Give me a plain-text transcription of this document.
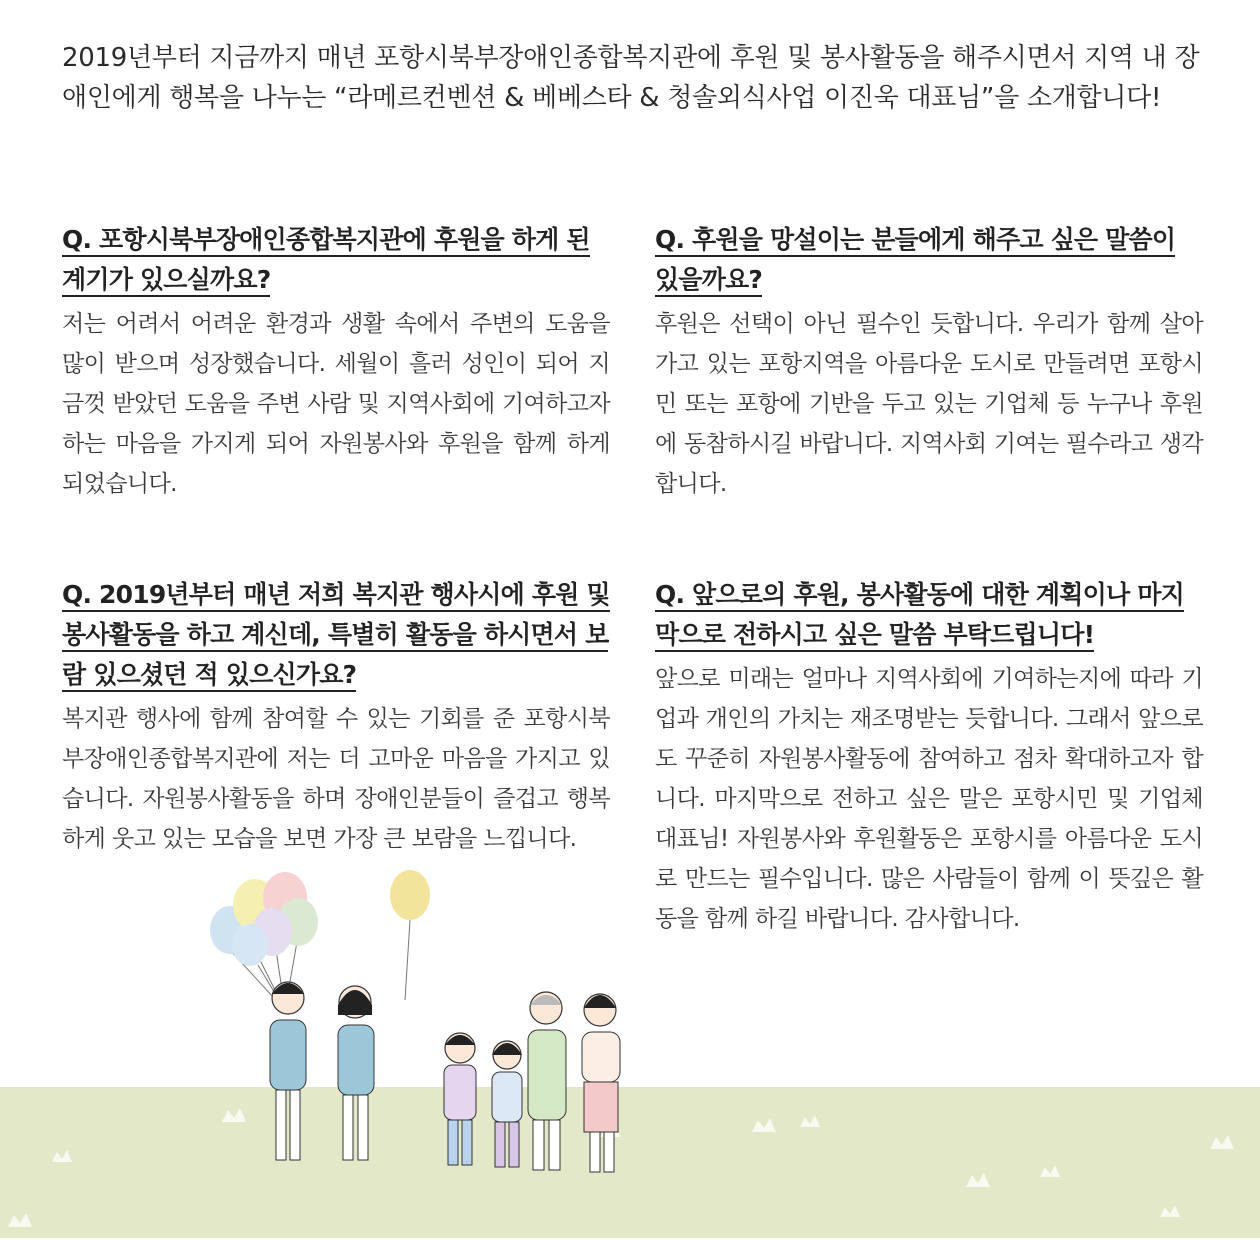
2019년부터 지금까지 매년 포항시북부장애인종합복지관에 후원 및 봉사활동을 해주시면서 지역 내 장애인에게 행복을 나누는 “라메르컨벤션 & 베베스타 & 청솔외식사업 이진욱 대표님”을 소개합니다!

Q. 포항시북부장애인종합복지관에 후원을 하게 된 계기가 있으실까요?

저는 어려서 어려운 환경과 생활 속에서 주변의 도움을 많이 받으며 성장했습니다. 세월이 흘러 성인이 되어 지금껏 받았던 도움을 주변 사람 및 지역사회에 기여하고자 하는 마음을 가지게 되어 자원봉사와 후원을 함께 하게 되었습니다.

Q. 후원을 망설이는 분들에게 해주고 싶은 말씀이 있을까요?

후원은 선택이 아닌 필수인 듯합니다. 우리가 함께 살아가고 있는 포항지역을 아름다운 도시로 만들려면 포항시민 또는 포항에 기반을 두고 있는 기업체 등 누구나 후원에 동참하시길 바랍니다. 지역사회 기여는 필수라고 생각합니다.

Q. 2019년부터 매년 저희 복지관 행사시에 후원 및 봉사활동을 하고 계신데, 특별히 활동을 하시면서 보람 있으셨던 적 있으신가요?

복지관 행사에 함께 참여할 수 있는 기회를 준 포항시북부장애인종합복지관에 저는 더 고마운 마음을 가지고 있습니다. 자원봉사활동을 하며 장애인분들이 즐겁고 행복하게 웃고 있는 모습을 보면 가장 큰 보람을 느낍니다.

Q. 앞으로의 후원, 봉사활동에 대한 계획이나 마지막으로 전하시고 싶은 말씀 부탁드립니다!

앞으로 미래는 얼마나 지역사회에 기여하는지에 따라 기업과 개인의 가치는 재조명받는 듯합니다. 그래서 앞으로도 꾸준히 자원봉사활동에 참여하고 점차 확대하고자 합니다. 마지막으로 전하고 싶은 말은 포항시민 및 기업체 대표님! 자원봉사와 후원활동은 포항시를 아름다운 도시로 만드는 필수입니다. 많은 사람들이 함께 이 뜻깊은 활동을 함께 하길 바랍니다. 감사합니다.
